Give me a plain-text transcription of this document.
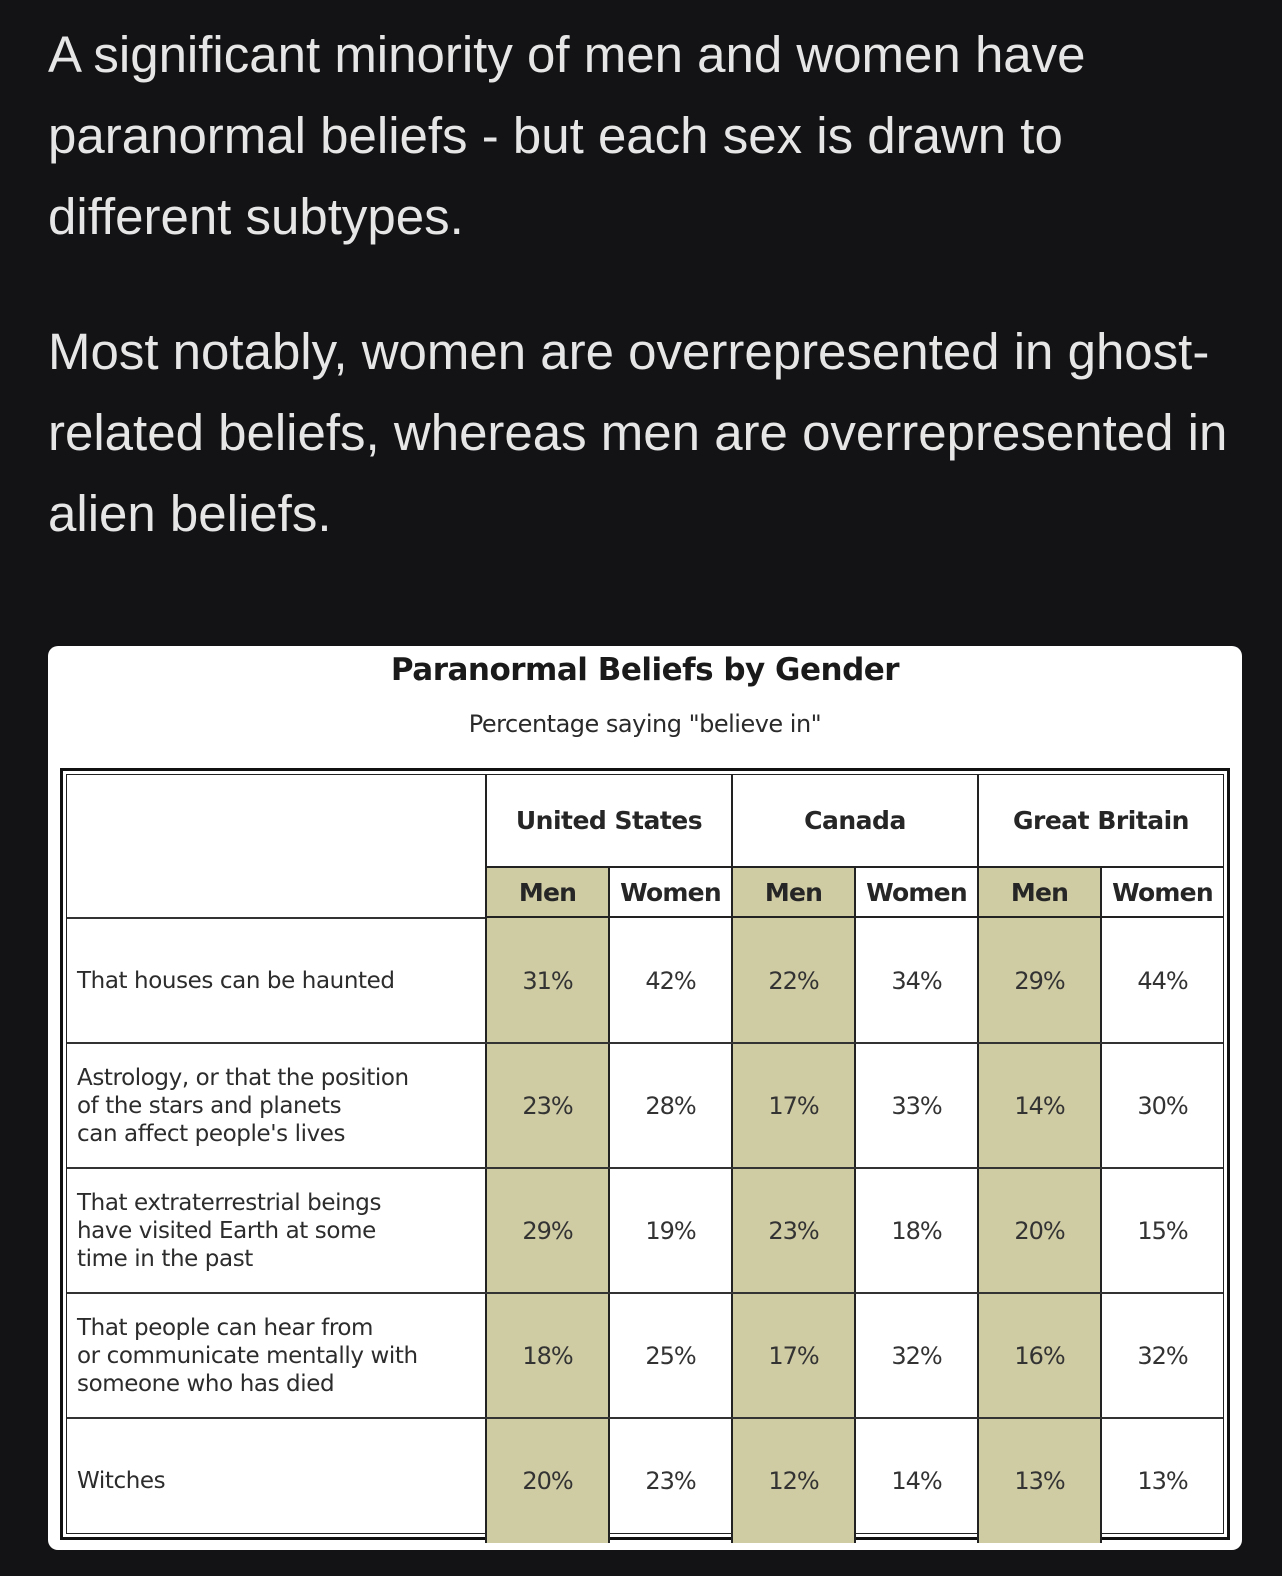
A significant minority of men and women have paranormal beliefs - but each sex is drawn to different subtypes.

Most notably, women are overrepresented in ghost-related beliefs, whereas men are overrepresented in alien beliefs.

Paranormal Beliefs by Gender
Percentage saying "believe in"
United States	Canada	Great Britain
Men	Women	Men	Women	Men	Women
That houses can be haunted	31%	42%	22%	34%	29%	44%
Astrology, or that the position
of the stars and planets
can affect people's lives
23%	28%	17%	33%	14%	30%
That extraterrestrial beings
have visited Earth at some
time in the past
29%	19%	23%	18%	20%	15%
That people can hear from
or communicate mentally with
someone who has died
18%	25%	17%	32%	16%	32%
Witches	20%	23%	12%	14%	13%	13%
